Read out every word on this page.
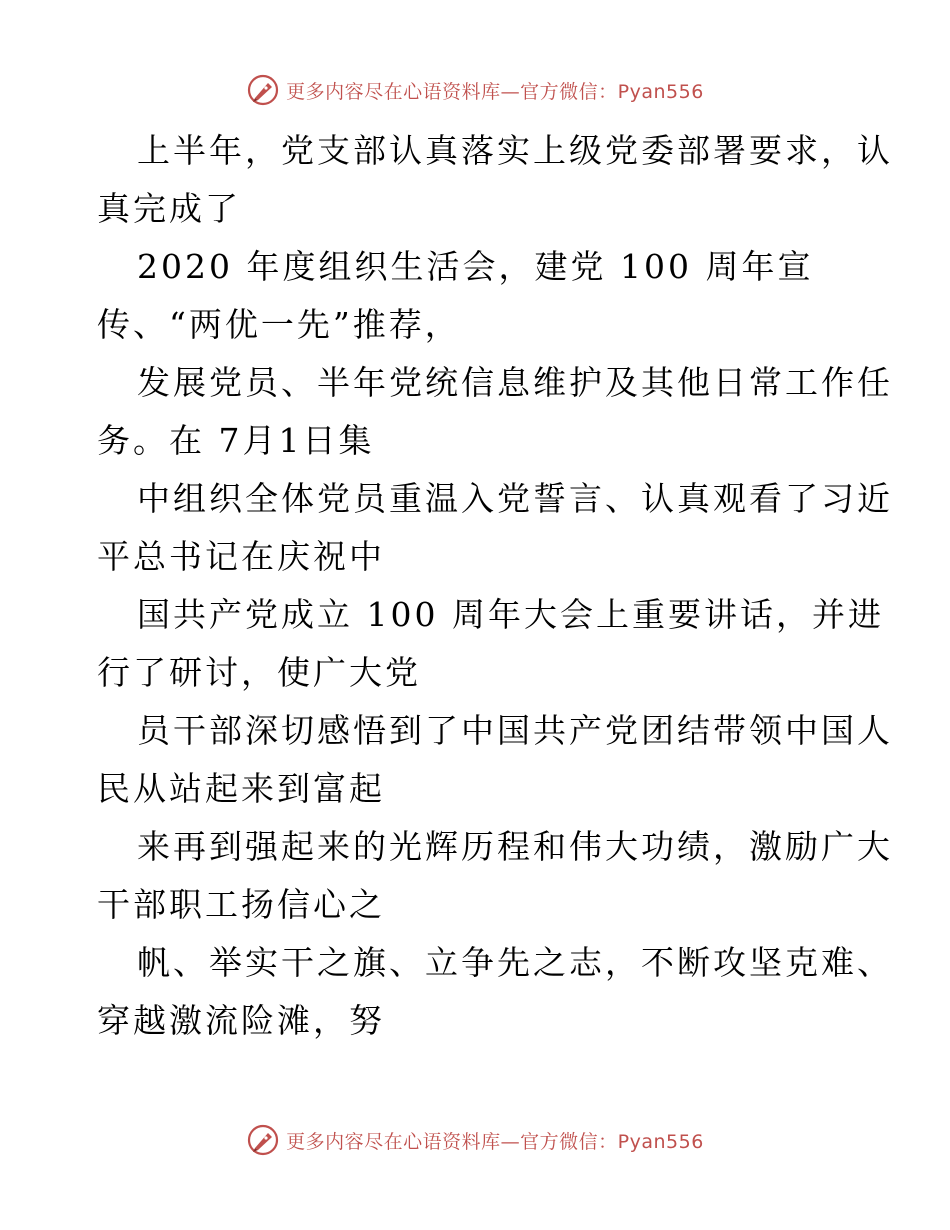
更多内容尽在心语资料库—官方微信：Pyan556
上半年，党支部认真落实上级党委部署要求，认
真完成了
2020 年度组织生活会，建党 100 周年宣
传、“两优一先”推荐，
发展党员、半年党统信息维护及其他日常工作任
务。在 7月1日集
中组织全体党员重温入党誓言、认真观看了习近
平总书记在庆祝中
国共产党成立 100 周年大会上重要讲话，并进
行了研讨，使广大党
员干部深切感悟到了中国共产党团结带领中国人
民从站起来到富起
来再到强起来的光辉历程和伟大功绩，激励广大
干部职工扬信心之
帆、举实干之旗、立争先之志，不断攻坚克难、
穿越激流险滩，努
更多内容尽在心语资料库—官方微信：Pyan556
